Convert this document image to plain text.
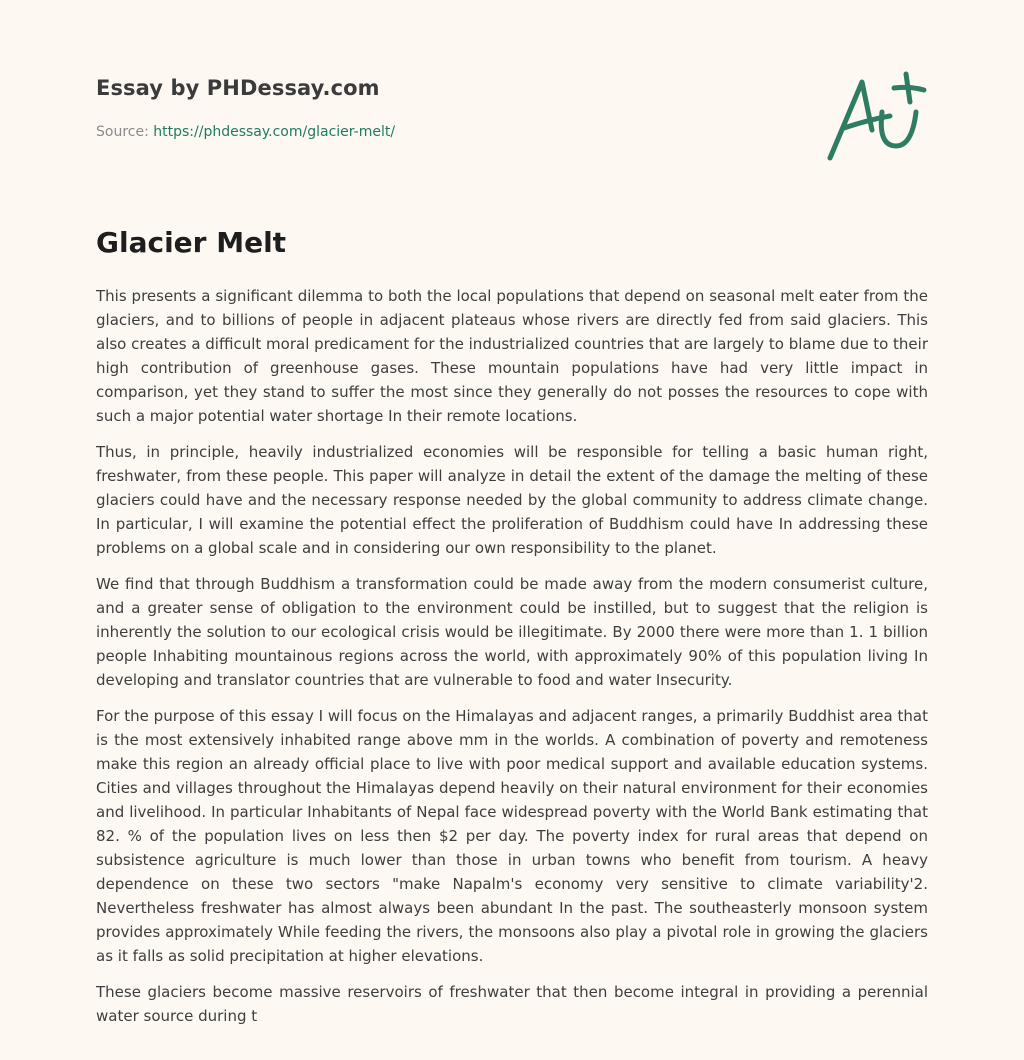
Essay by PHDessay.com
Source: https://phdessay.com/glacier-melt/
Glacier Melt

This presents a significant dilemma to both the local populations that depend on seasonal melt eater from the glaciers, and to billions of people in adjacent plateaus whose rivers are directly fed from said glaciers. This also creates a difficult moral predicament for the industrialized countries that are largely to blame due to their high contribution of greenhouse gases. These mountain populations have had very little impact in comparison, yet they stand to suffer the most since they generally do not posses the resources to cope with such a major potential water shortage In their remote locations.

Thus, in principle, heavily industrialized economies will be responsible for telling a basic human right, freshwater, from these people. This paper will analyze in detail the extent of the damage the melting of these glaciers could have and the necessary response needed by the global community to address climate change. In particular, I will examine the potential effect the proliferation of Buddhism could have In addressing these problems on a global scale and in considering our own responsibility to the planet.

We find that through Buddhism a transformation could be made away from the modern consumerist culture, and a greater sense of obligation to the environment could be instilled, but to suggest that the religion is inherently the solution to our ecological crisis would be illegitimate. By 2000 there were more than 1. 1 billion people Inhabiting mountainous regions across the world, with approximately 90% of this population living In developing and translator countries that are vulnerable to food and water Insecurity.

For the purpose of this essay I will focus on the Himalayas and adjacent ranges, a primarily Buddhist area that is the most extensively inhabited range above mm in the worlds. A combination of poverty and remoteness make this region an already official place to live with poor medical support and available education systems. Cities and villages throughout the Himalayas depend heavily on their natural environment for their economies and livelihood. In particular Inhabitants of Nepal face widespread poverty with the World Bank estimating that 82. % of the population lives on less then $2 per day. The poverty index for rural areas that depend on subsistence agriculture is much lower than those in urban towns who benefit from tourism. A heavy dependence on these two sectors "make Napalm's economy very sensitive to climate variability'2. Nevertheless freshwater has almost always been abundant In the past. The southeasterly monsoon system provides approximately While feeding the rivers, the monsoons also play a pivotal role in growing the glaciers as it falls as solid precipitation at higher elevations.

These glaciers become massive reservoirs of freshwater that then become integral in providing a perennial water source during t
